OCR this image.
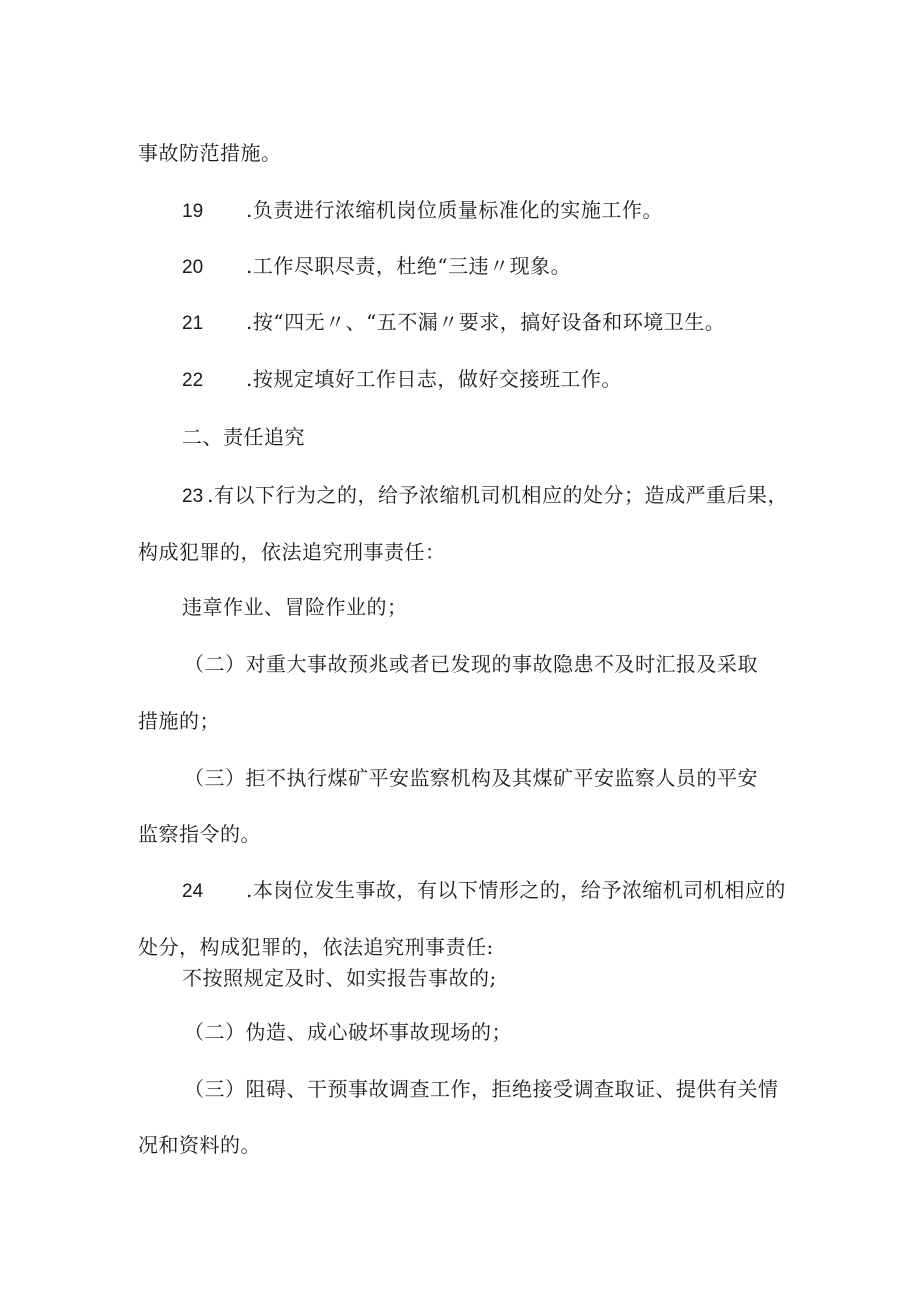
事故防范措施。
19 .负责进行浓缩机岗位质量标准化的实施工作。
20 .工作尽职尽责，杜绝“三违〃现象。
21 .按“四无〃、“五不漏〃要求，搞好设备和环境卫生。
22 .按规定填好工作日志，做好交接班工作。
二、责任追究
23 .有以下行为之的，给予浓缩机司机相应的处分；造成严重后果，
构成犯罪的，依法追究刑事责任：
违章作业、冒险作业的；
（二）对重大事故预兆或者已发现的事故隐患不及时汇报及采取
措施的；
（三）拒不执行煤矿平安监察机构及其煤矿平安监察人员的平安
监察指令的。
24 .本岗位发生事故，有以下情形之的，给予浓缩机司机相应的
处分，构成犯罪的，依法追究刑事责任:
不按照规定及时、如实报告事故的;
（二）伪造、成心破坏事故现场的；
（三）阻碍、干预事故调查工作，拒绝接受调查取证、提供有关情
况和资料的。
